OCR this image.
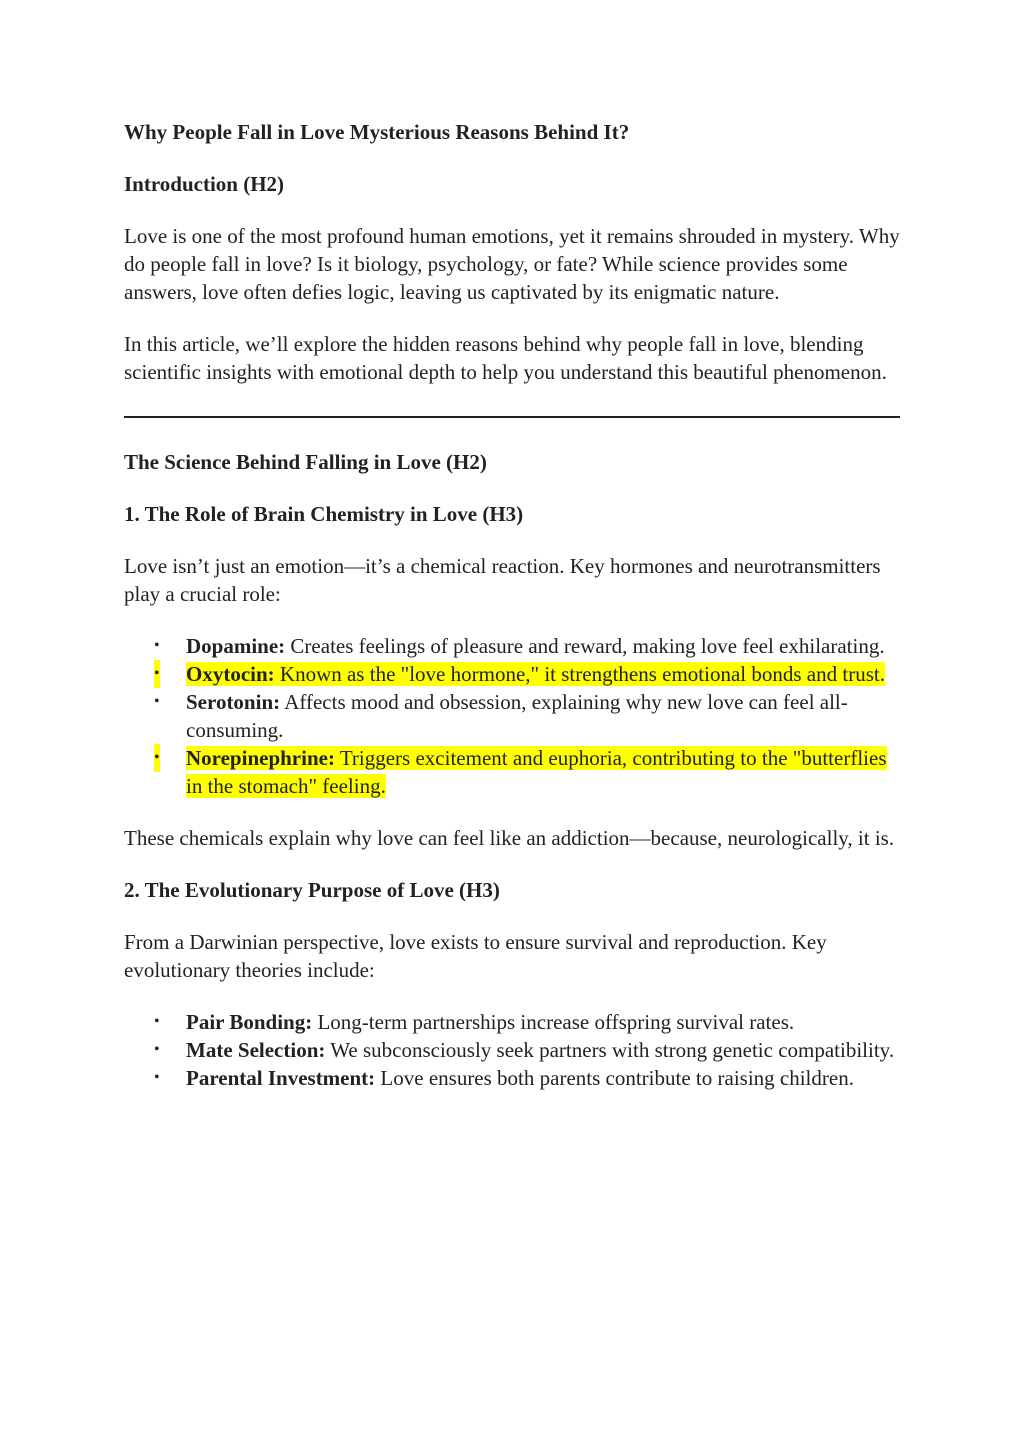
Why People Fall in Love Mysterious Reasons Behind It?
Introduction (H2)

Love is one of the most profound human emotions, yet it remains shrouded in mystery. Why do people fall in love? Is it biology, psychology, or fate? While science provides some answers, love often defies logic, leaving us captivated by its enigmatic nature.

In this article, we’ll explore the hidden reasons behind why people fall in love, blending scientific insights with emotional depth to help you understand this beautiful phenomenon.

The Science Behind Falling in Love (H2)
1. The Role of Brain Chemistry in Love (H3)

Love isn’t just an emotion—it’s a chemical reaction. Key hormones and neurotransmitters play a crucial role:

• Dopamine: Creates feelings of pleasure and reward, making love feel exhilarating.
• Oxytocin: Known as the "love hormone," it strengthens emotional bonds and trust.
• Serotonin: Affects mood and obsession, explaining why new love can feel all-consuming.
• Norepinephrine: Triggers excitement and euphoria, contributing to the "butterflies in the stomach" feeling.

These chemicals explain why love can feel like an addiction—because, neurologically, it is.

2. The Evolutionary Purpose of Love (H3)

From a Darwinian perspective, love exists to ensure survival and reproduction. Key evolutionary theories include:

• Pair Bonding: Long-term partnerships increase offspring survival rates.
• Mate Selection: We subconsciously seek partners with strong genetic compatibility.
• Parental Investment: Love ensures both parents contribute to raising children.
